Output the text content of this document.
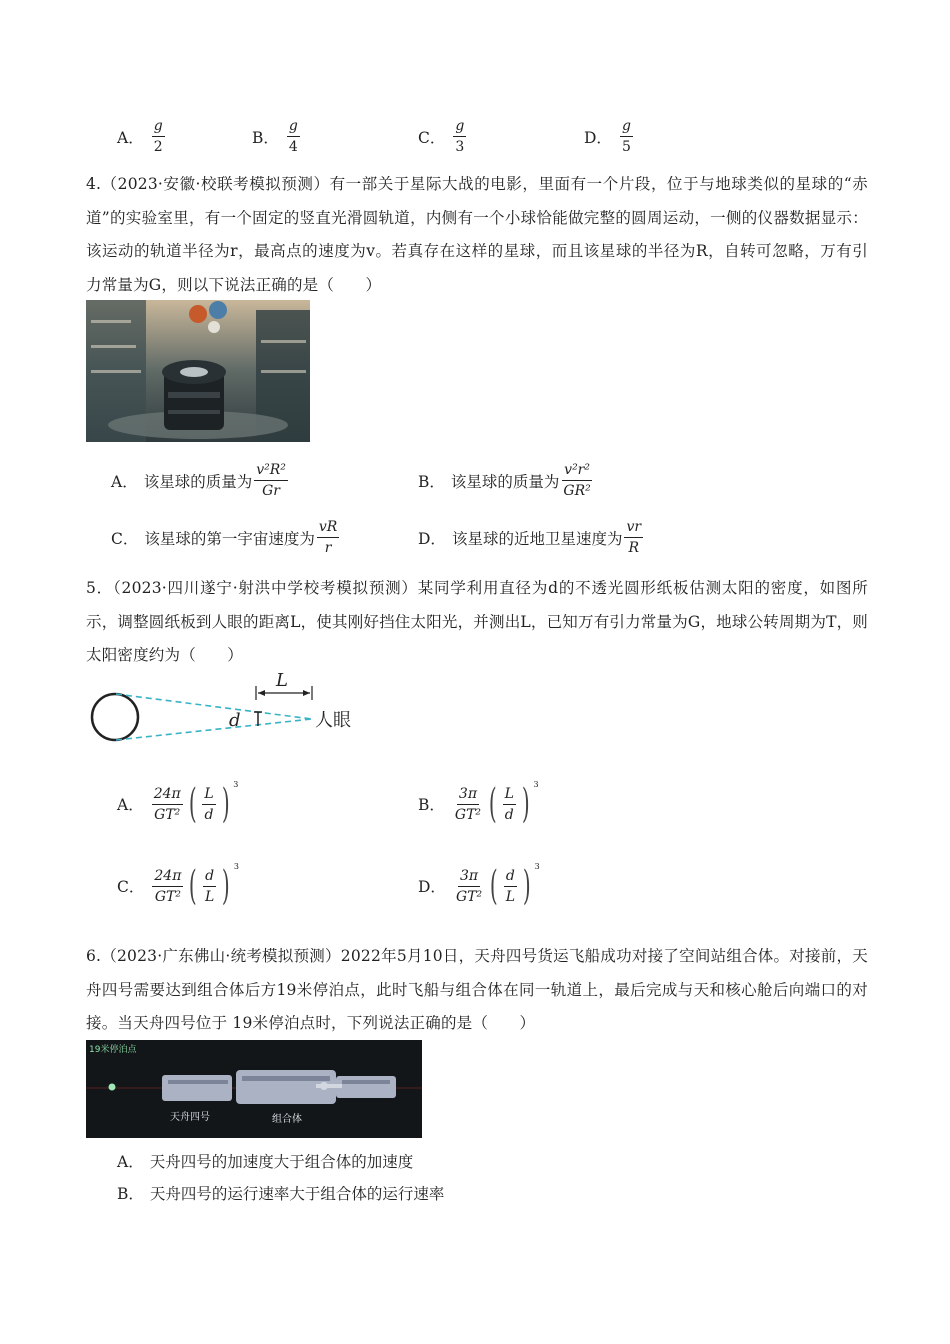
A． $\frac{g}{2}$	B． $\frac{g}{4}$	C． $\frac{g}{3}$	D． $\frac{g}{5}$
4.（2023·安徽·校联考模拟预测）有一部关于星际大战的电影，里面有一个片段，位于与地球类似的星球的“赤道”的实验室里，有一个固定的竖直光滑圆轨道，内侧有一个小球恰能做完整的圆周运动，一侧的仪器数据显示：该运动的轨道半径为r，最高点的速度为v。若真存在这样的星球，而且该星球的半径为R，自转可忽略，万有引力常量为G，则以下说法正确的是（　　）
A． 该星球的质量为 $\frac{\text{v²R²}}{Gr}$	B． 该星球的质量为 $\frac{\text{v²r²}}{\text{GR²}}$
C． 该星球的第一宇宙速度为 $\frac{vR}{r}$	D． 该星球的近地卫星速度为 $\frac{vr}{R}$
5．（2023·四川遂宁·射洪中学校考模拟预测）某同学利用直径为d的不透光圆形纸板估测太阳的密度，如图所示，调整圆纸板到人眼的距离L，使其刚好挡住太阳光，并测出L，已知万有引力常量为G，地球公转周期为T，则太阳密度约为（　　）
L
d	人眼
A． $\frac{24\pi}{\text{GT²}}$ ( $\frac{L}{d}$ ) 3
B． $\frac{3\pi}{\text{GT²}}$ ( $\frac{L}{d}$ ) 3
C． $\frac{24\pi}{\text{GT²}}$ ( $\frac{d}{L}$ ) 3
D． $\frac{3\pi}{\text{GT²}}$ ( $\frac{d}{L}$ ) 3
6.（2023·广东佛山·统考模拟预测）2022年5月10日，天舟四号货运飞船成功对接了空间站组合体。对接前，天舟四号需要达到组合体后方19米停泊点，此时飞船与组合体在同一轨道上，最后完成与天和核心舱后向端口的对接。当天舟四号位于 19米停泊点时，下列说法正确的是（　　）
19米停泊点
天舟四号	组合体
A． 天舟四号的加速度大于组合体的加速度
B． 天舟四号的运行速率大于组合体的运行速率
